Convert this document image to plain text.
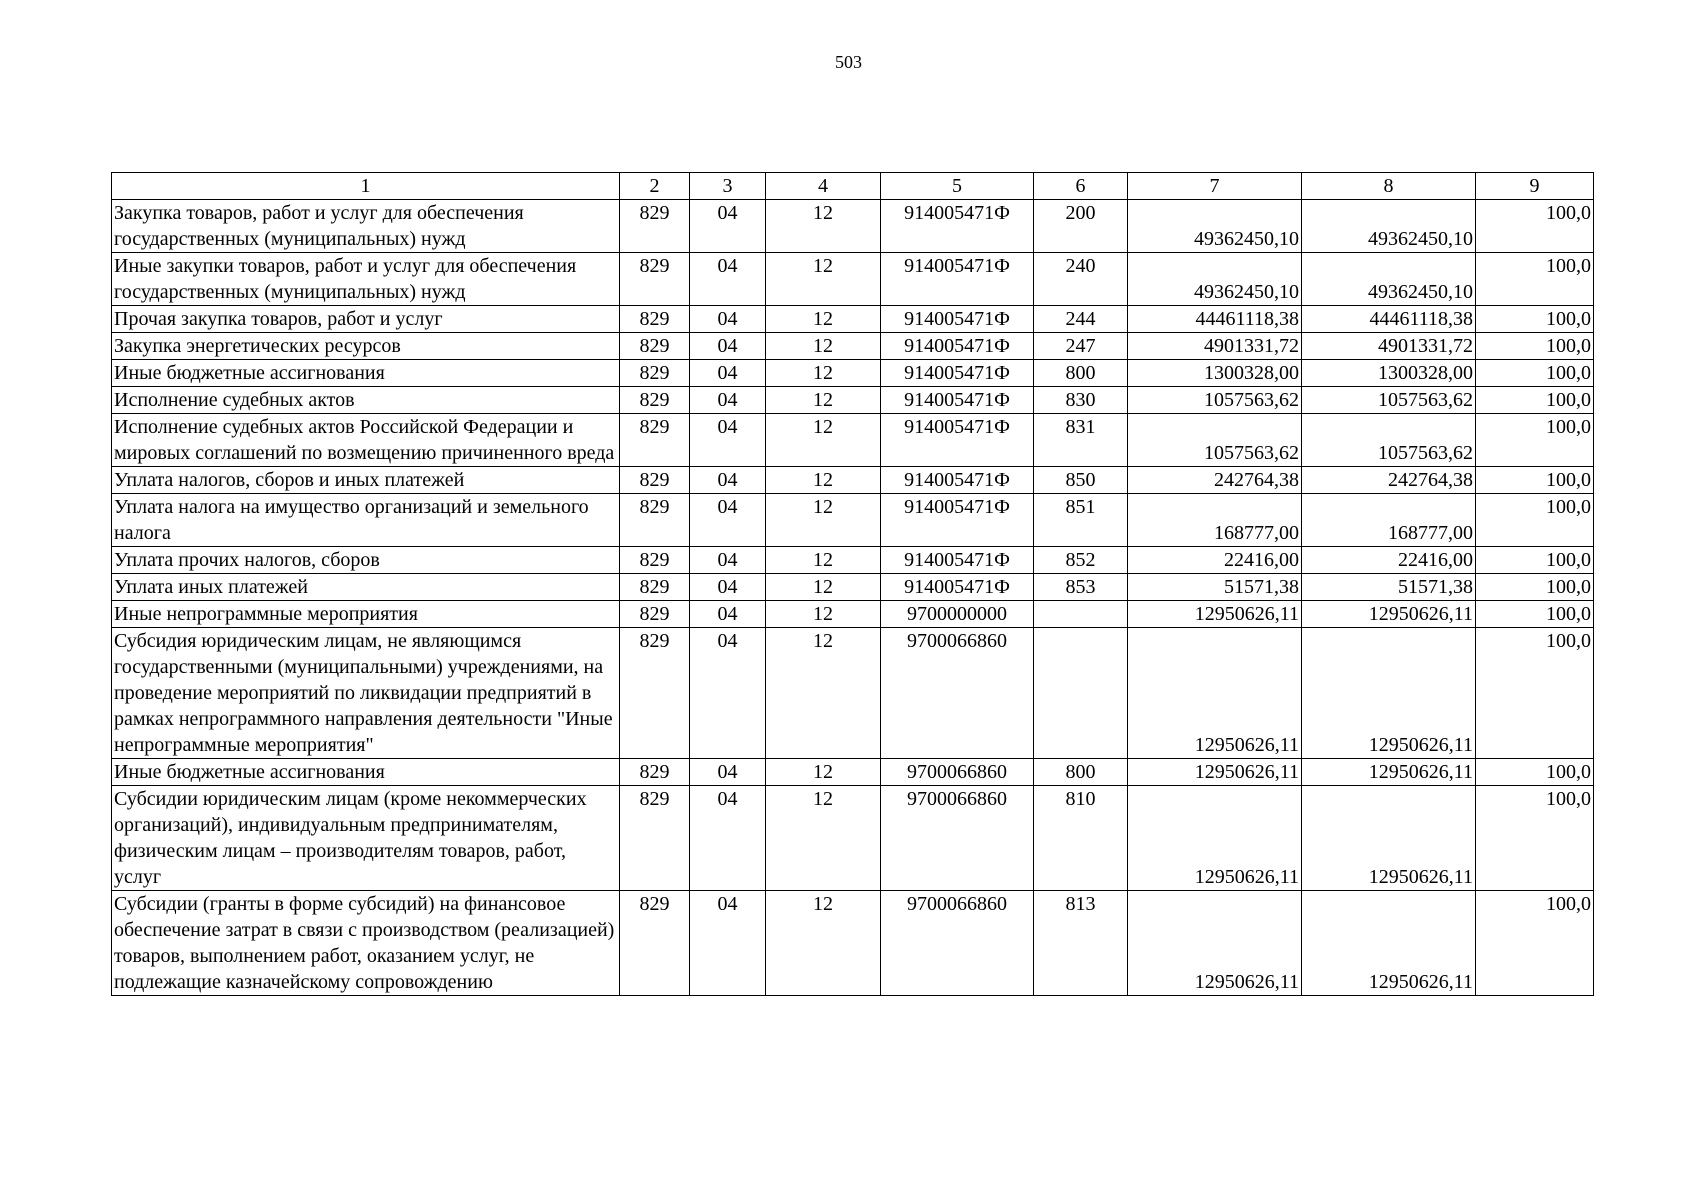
503
1	2	3	4	5	6	7	8	9
Закупка товаров, работ и услуг для обеспечения государственных (муниципальных) нужд	829	04	12	914005471Ф	200	49362450,10	49362450,10	100,0
Иные закупки товаров, работ и услуг для обеспечения государственных (муниципальных) нужд	829	04	12	914005471Ф	240	49362450,10	49362450,10	100,0
Прочая закупка товаров, работ и услуг	829	04	12	914005471Ф	244	44461118,38	44461118,38	100,0
Закупка энергетических ресурсов	829	04	12	914005471Ф	247	4901331,72	4901331,72	100,0
Иные бюджетные ассигнования	829	04	12	914005471Ф	800	1300328,00	1300328,00	100,0
Исполнение судебных актов	829	04	12	914005471Ф	830	1057563,62	1057563,62	100,0
Исполнение судебных актов Российской Федерации и мировых соглашений по возмещению причиненного вреда	829	04	12	914005471Ф	831	1057563,62	1057563,62	100,0
Уплата налогов, сборов и иных платежей	829	04	12	914005471Ф	850	242764,38	242764,38	100,0
Уплата налога на имущество организаций и земельного налога	829	04	12	914005471Ф	851	168777,00	168777,00	100,0
Уплата прочих налогов, сборов	829	04	12	914005471Ф	852	22416,00	22416,00	100,0
Уплата иных платежей	829	04	12	914005471Ф	853	51571,38	51571,38	100,0
Иные непрограммные мероприятия	829	04	12	9700000000		12950626,11	12950626,11	100,0
Субсидия юридическим лицам, не являющимся государственными (муниципальными) учреждениями, на проведение мероприятий по ликвидации предприятий в рамках непрограммного направления деятельности "Иные непрограммные мероприятия"	829	04	12	9700066860		12950626,11	12950626,11	100,0
Иные бюджетные ассигнования	829	04	12	9700066860	800	12950626,11	12950626,11	100,0
Субсидии юридическим лицам (кроме некоммерческих организаций), индивидуальным предпринимателям, физическим лицам – производителям товаров, работ, услуг	829	04	12	9700066860	810	12950626,11	12950626,11	100,0
Субсидии (гранты в форме субсидий) на финансовое обеспечение затрат в связи с производством (реализацией) товаров, выполнением работ, оказанием услуг, не подлежащие казначейскому сопровождению	829	04	12	9700066860	813	12950626,11	12950626,11	100,0
